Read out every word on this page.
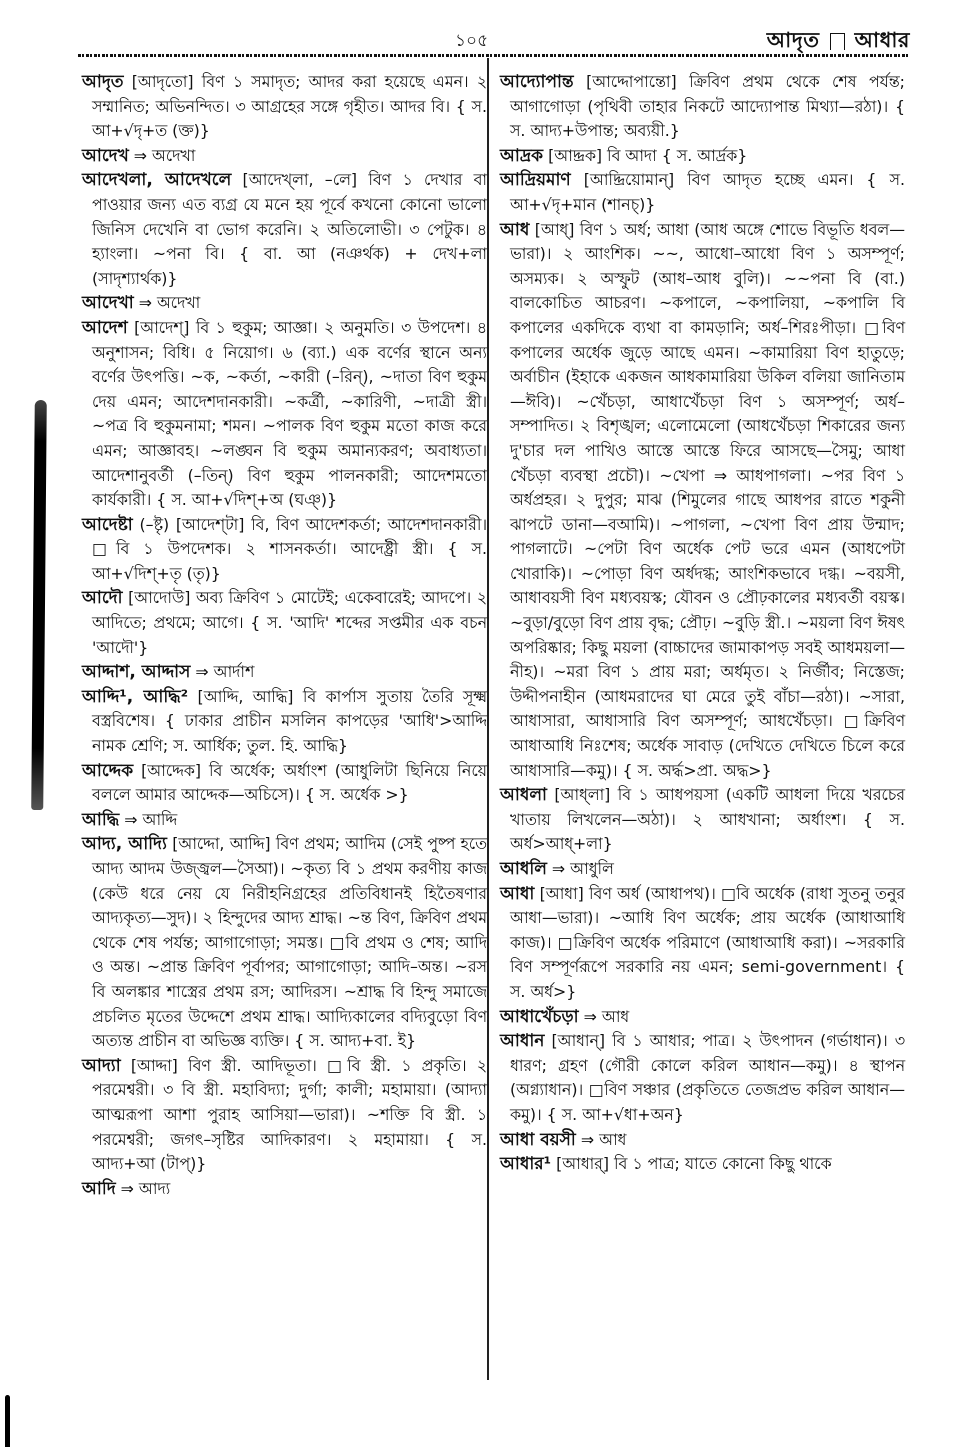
১০৫	আদৃত আধার

আদৃত [আদৃতো] বিণ ১ সমাদৃত; আদর করা হয়েছে এমন। ২ সম্মানিত; অভিনন্দিত। ৩ আগ্রহের সঙ্গে গৃহীত। আদর বি। { স. আ+√দৃ+ত (ক্ত)}

আদেখ ⇒ অদেখা

আদেখলা, আদেখলে [আদেখ্লা, –লে] বিণ ১ দেখার বা পাওয়ার জন্য এত ব্যগ্র যে মনে হয় পূর্বে কখনো কোনো ভালো জিনিস দেখেনি বা ভোগ করেনি। ২ অতিলোভী। ৩ পেটুক। ৪ হ্যাংলা। ~পনা বি। { বা. আ (নঞর্থক) + দেখ+লা (সাদৃশ্যার্থক)}

আদেখা ⇒ অদেখা

আদেশ [আদেশ্] বি ১ হুকুম; আজ্ঞা। ২ অনুমতি। ৩ উপদেশ। ৪ অনুশাসন; বিধি। ৫ নিয়োগ। ৬ (ব্যা.) এক বর্ণের স্থানে অন্য বর্ণের উৎপত্তি। ~ক, ~কর্তা, ~কারী (–রিন্), ~দাতা বিণ হুকুম দেয় এমন; আদেশদানকারী। ~কর্ত্রী, ~কারিণী, ~দাত্রী স্ত্রী। ~পত্র বি হুকুমনামা; শমন। ~পালক বিণ হুকুম মতো কাজ করে এমন; আজ্ঞাবহ। ~লঙ্ঘন বি হুকুম অমান্যকরণ; অবাধ্যতা। আদেশানুবর্তী (–তিন্) বিণ হুকুম পালনকারী; আদেশমতো কার্যকারী। { স. আ+√দিশ্+অ (ঘঞ্)}

আদেষ্টা (–ষ্টৃ) [আদেশ্টা] বি, বিণ আদেশকর্তা; আদেশদানকারী। □বি ১ উপদেশক। ২ শাসনকর্তা। আদেষ্ট্রী স্ত্রী। { স. আ+√দিশ্+তৃ (তৃ)}

আদৌ [আদোউ] অব্য ক্রিবিণ ১ মোটেই; একেবারেই; আদপে। ২ আদিতে; প্রথমে; আগে। { স. 'আদি' শব্দের সপ্তমীর এক বচন 'আদৌ'}

আদ্দাশ, আদ্দাস ⇒ আর্দাশ

আদ্দি¹, আদ্ধি² [আদ্দি, আদ্ধি] বি কার্পাস সুতায় তৈরি সূক্ষ্ম বস্ত্রবিশেষ। { ঢাকার প্রাচীন মসলিন কাপড়ের 'আধি'>আদ্দি নামক শ্রেণি; স. আর্ধিক; তুল. হি. আদ্ধি}

আদ্দেক [আদ্দেক] বি অর্ধেক; অর্ধাংশ (আধুলিটা ছিনিয়ে নিয়ে বললে আমার আদ্দেক—অচিসে)। { স. অর্ধেক >}

আদ্ধি ⇒ আদ্দি

আদ্য, আদ্যি [আদ্দো, আদ্দি] বিণ প্রথম; আদিম (সেই পুষ্প হতে আদ্য আদম উজ্জ্বল—সৈআ)। ~কৃত্য বি ১ প্রথম করণীয় কাজ (কেউ ধরে নেয় যে নিরীহনিগ্রহের প্রতিবিধানই হিতৈষণার আদ্যকৃত্য—সুদ)। ২ হিন্দুদের আদ্য শ্রাদ্ধ। ~ন্ত বিণ, ক্রিবিণ প্রথম থেকে শেষ পর্যন্ত; আগাগোড়া; সমস্ত। □বি প্রথম ও শেষ; আদি ও অন্ত। ~প্রান্ত ক্রিবিণ পূর্বাপর; আগাগোড়া; আদি–অন্ত। ~রস বি অলঙ্কার শাস্ত্রের প্রথম রস; আদিরস। ~শ্রাদ্ধ বি হিন্দু সমাজে প্রচলিত মৃতের উদ্দেশে প্রথম শ্রাদ্ধ। আদ্যিকালের বদ্যিবুড়ো বিণ অত্যন্ত প্রাচীন বা অভিজ্ঞ ব্যক্তি। { স. আদ্য+বা. ই}

আদ্যা [আদ্দা] বিণ স্ত্রী. আদিভূতা। □বি স্ত্রী. ১ প্রকৃতি। ২ পরমেশ্বরী। ৩ বি স্ত্রী. মহাবিদ্যা; দুর্গা; কালী; মহামায়া। (আদ্যা আত্মরূপা আশা পুরাহ আসিয়া—ভারা)। ~শক্তি বি স্ত্রী. ১ পরমেশ্বরী; জগৎ–সৃষ্টির আদিকারণ। ২ মহামায়া। { স. আদ্য+আ (টাপ্)}

আদি ⇒ আদ্য

আদ্যোপান্ত [আদ্দোপান্তো] ক্রিবিণ প্রথম থেকে শেষ পর্যন্ত; আগাগোড়া (পৃথিবী তাহার নিকটে আদ্যোপান্ত মিথ্যা—রঠা)। { স. আদ্য+উপান্ত; অব্যয়ী.}

আদ্রক [আদ্দ্রক] বি আদা { স. আর্দ্রক}

আদ্রিয়মাণ [আদ্দ্রিয়োমান্] বিণ আদৃত হচ্ছে এমন। { স. আ+√দৃ+মান (শানচ্)}

আধ [আধ্] বিণ ১ অর্ধ; আধা (আধ অঙ্গে শোভে বিভূতি ধবল—ভারা)। ২ আংশিক। ~~, আধো–আধো বিণ ১ অসম্পূর্ণ; অসম্যক। ২ অস্ফুট (আধ–আধ বুলি)। ~~পনা বি (বা.) বালকোচিত আচরণ। ~কপালে, ~কপালিয়া, ~কপালি বি কপালের একদিকে ব্যথা বা কামড়ানি; অর্ধ–শিরঃপীড়া। □বিণ কপালের অর্ধেক জুড়ে আছে এমন। ~কামারিয়া বিণ হাতুড়ে; অর্বাচীন (ইহাকে একজন আধকামারিয়া উকিল বলিয়া জানিতাম—ঈবি)। ~খেঁচড়া, আধাখেঁচড়া বিণ ১ অসম্পূর্ণ; অর্ধ–সম্পাদিত। ২ বিশৃঙ্খল; এলোমেলো (আধখেঁচড়া শিকারের জন্য দু'চার দল পাখিও আস্তে আস্তে ফিরে আসছে—সৈমু; আধা খেঁচড়া ব্যবস্থা প্রচৌ)। ~খেপা ⇒ আধপাগলা। ~পর বিণ ১ অর্ধপ্রহর। ২ দুপুর; মাঝ (শিমুলের গাছে আধপর রাতে শকুনী ঝাপটে ডানা—বআমি)। ~পাগলা, ~খেপা বিণ প্রায় উন্মাদ; পাগলাটে। ~পেটা বিণ অর্ধেক পেট ভরে এমন (আধপেটা খোরাকি)। ~পোড়া বিণ অর্ধদগ্ধ; আংশিকভাবে দগ্ধ। ~বয়সী, আধাবয়সী বিণ মধ্যবয়স্ক; যৌবন ও প্রৌঢ়কালের মধ্যবর্তী বয়স্ক। ~বুড়া/বুড়ো বিণ প্রায় বৃদ্ধ; প্রৌঢ়। ~বুড়ি স্ত্রী.। ~ময়লা বিণ ঈষৎ অপরিষ্কার; কিছু ময়লা (বাচ্চাদের জামাকাপড় সবই আধময়লা—নীহ)। ~মরা বিণ ১ প্রায় মরা; অর্ধমৃত। ২ নির্জীব; নিস্তেজ; উদ্দীপনাহীন (আধমরাদের ঘা মেরে তুই বাঁচা—রঠা)। ~সারা, আধাসারা, আধাসারি বিণ অসম্পূর্ণ; আধখেঁচড়া। □ক্রিবিণ আধাআধি নিঃশেষ; অর্ধেক সাবাড় (দেখিতে দেখিতে চিলে করে আধাসারি—কমু)। { স. অর্দ্ধ>প্রা. অদ্ধ>}

আধলা [আধ্লা] বি ১ আধপয়সা (একটি আধলা দিয়ে খরচের খাতায় লিখলেন—অঠা)। ২ আধখানা; অর্ধাংশ। { স. অর্ধ>আধ্+লা}

আধলি ⇒ আধুলি

আধা [আধা] বিণ অর্ধ (আধাপথ)। □বি অর্ধেক (রাধা সুতনু তনুর আধা—ভারা)। ~আধি বিণ অর্ধেক; প্রায় অর্ধেক (আধাআধি কাজ)। □ক্রিবিণ অর্ধেক পরিমাণে (আধাআধি করা)। ~সরকারি বিণ সম্পূর্ণরূপে সরকারি নয় এমন; semi-government। { স. অর্ধ>}

আধাখেঁচড়া ⇒ আধ

আধান [আধান্] বি ১ আধার; পাত্র। ২ উৎপাদন (গর্ভাধান)। ৩ ধারণ; গ্রহণ (গৌরী কোলে করিল আধান—কমু)। ৪ স্থাপন (অগ্ন্যাধান)। □বিণ সঞ্চার (প্রকৃতিতে তেজপ্রভ করিল আধান—কমু)। { স. আ+√ধা+অন}

আধা বয়সী ⇒ আধ

আধার¹ [আধার্] বি ১ পাত্র; যাতে কোনো কিছু থাকে
